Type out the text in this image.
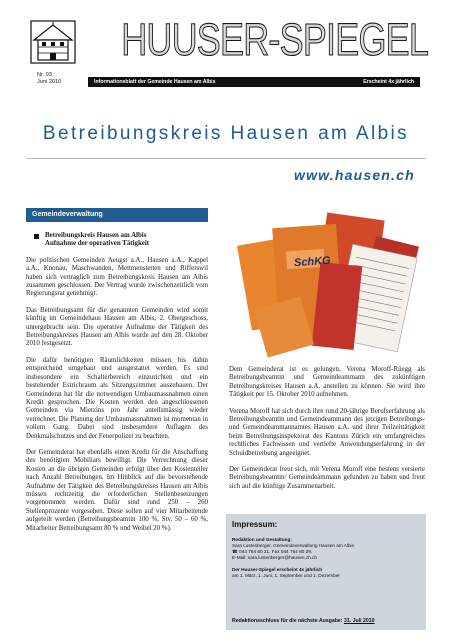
Nr. 93
Juni 2010
HUUSER-SPIEGEL
Informationsblatt der Gemeinde Hausen am Albis	Erscheint 4x jährlich
Betreibungskreis Hausen am Albis
www.hausen.ch
Gemeindeverwaltung
Betreibungskreis Hausen am Albis
Aufnahme der operativen Tätigkeit

Die politischen Gemeinden Aeugst a.A., Hausen a.A., Kappel a.A., Knonau, Maschwanden, Mettmenstetten und Rifferswil haben sich vertraglich zum Betreibungskreis Hausen am Albis zusammen geschlossen. Der Vertrag wurde zwischenzeitlich vom Regierungsrat genehmigt.

Das Betreibungsamt für die genannten Gemeinden wird somit künftig im Gemeindehaus Hausen am Albis, 2. Obergeschoss, untergebracht sein. Die operative Aufnahme der Tätigkeit des Betreibungskreises Hausen am Albis wurde auf den 28. Oktober 2010 festgesetzt.

Die dafür benötigten Räumlichkeiten müssen bis dahin entsprechend umgebaut und ausgestattet werden. Es sind insbesondere ein Schalterbereich einzurichten und ein bestehender Estrichraum als Sitzungszimmer auszubauen. Der Gemeinderat hat für die notwendigen Umbaumassnahmen einen Kredit gesprochen. Die Kosten werden den angeschlossenen Gemeinden via Mietzins pro Jahr anteilsmässig wieder verrechnet. Die Planung der Umbaumassnahmen ist momentan in vollem Gang. Dabei sind insbesondere Auflagen des Denkmalschutzes und der Feuerpolizei zu beachten.

Der Gemeinderat hat ebenfalls einen Kredit für die Anschaffung des benötigten Mobiliars bewilligt. Die Verrechnung dieser Kosten an die übrigen Gemeinden erfolgt über den Kostenteiler nach Anzahl Betreibungen. Im Hinblick auf die bevorstehende Aufnahme der Tätigkeit des Betreibungskreises Hausen am Albis müssen rechtzeitig die erforderlichen Stellenbesetzungen vorgenommen werden. Dafür sind rund 250 – 260 Stellenprozente vorgesehen. Diese sollen auf vier Mitarbeitende aufgeteilt werden (Betreibungsbeamtin 100 %, Stv. 50 – 60 %, Mitarbeiter Betreibungsamt 80 % und Weibel 20 %).

SchKG

Dem Gemeinderat ist es gelungen, Verena Moroff-Rüegg als Betreibungsbeamtin und Gemeindeammann des zukünftigen Betreibungskreises Hausen a.A. anstellen zu können. Sie wird ihre Tätigkeit per 15. Oktober 2010 aufnehmen.

Verena Moroff hat sich durch ihre rund 20-jährige Berufserfahrung als Betreibungsbeamtin und Gemeindeammann des jetzigen Betreibungs- und Gemeindeammannamtes Hausen a.A. und ihrer Teilzeittätigkeit beim Betreibungsinspektorat des Kantons Zürich ein umfangreiches rechtliches Fachwissen und vertiefte Anwendungserfahrung in der Schuldbetreibung angeeignet.

Der Gemeinderat freut sich, mit Verena Moroff eine bestens versierte Betreibungsbeamtin/ Gemeindeammann gefunden zu haben und freut sich auf die künftige Zusammenarbeit.

Impressum:
Redaktion und Gestaltung:
Sara Lustenberger, Gemeindeverwaltung Hausen am Albis
☎ 044 764 80 21, Fax 044 764 80 29,
E-Mail: sara.lustenberger@hausen.zh.ch
Der Huuser-Spiegel erscheint 4x jährlich
am 1. März, 1. Juni, 1. September und 1. Dezember
Redaktionsschluss für die nächste Ausgabe: 31. Juli 2010
